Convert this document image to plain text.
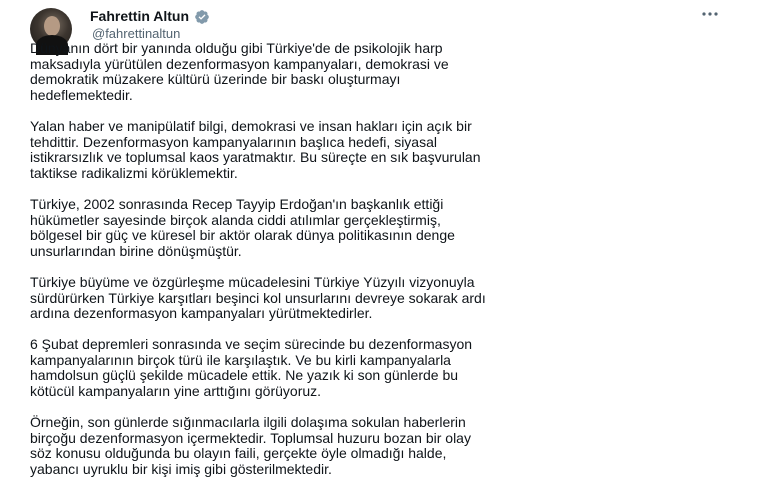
Fahrettin Altun
@fahrettinaltun

Dünyanın dört bir yanında olduğu gibi Türkiye'de de psikolojik harp
maksadıyla yürütülen dezenformasyon kampanyaları, demokrasi ve
demokratik müzakere kültürü üzerinde bir baskı oluşturmayı
hedeflemektedir.

Yalan haber ve manipülatif bilgi, demokrasi ve insan hakları için açık bir
tehdittir. Dezenformasyon kampanyalarının başlıca hedefi, siyasal
istikrarsızlık ve toplumsal kaos yaratmaktır. Bu süreçte en sık başvurulan
taktikse radikalizmi körüklemektir.

Türkiye, 2002 sonrasında Recep Tayyip Erdoğan'ın başkanlık ettiği
hükümetler sayesinde birçok alanda ciddi atılımlar gerçekleştirmiş,
bölgesel bir güç ve küresel bir aktör olarak dünya politikasının denge
unsurlarından birine dönüşmüştür.

Türkiye büyüme ve özgürleşme mücadelesini Türkiye Yüzyılı vizyonuyla
sürdürürken Türkiye karşıtları beşinci kol unsurlarını devreye sokarak ardı
ardına dezenformasyon kampanyaları yürütmektedirler.

6 Şubat depremleri sonrasında ve seçim sürecinde bu dezenformasyon
kampanyalarının birçok türü ile karşılaştık. Ve bu kirli kampanyalarla
hamdolsun güçlü şekilde mücadele ettik. Ne yazık ki son günlerde bu
kötücül kampanyaların yine arttığını görüyoruz.

Örneğin, son günlerde sığınmacılarla ilgili dolaşıma sokulan haberlerin
birçoğu dezenformasyon içermektedir. Toplumsal huzuru bozan bir olay
söz konusu olduğunda bu olayın faili, gerçekte öyle olmadığı halde,
yabancı uyruklu bir kişi imiş gibi gösterilmektedir.
